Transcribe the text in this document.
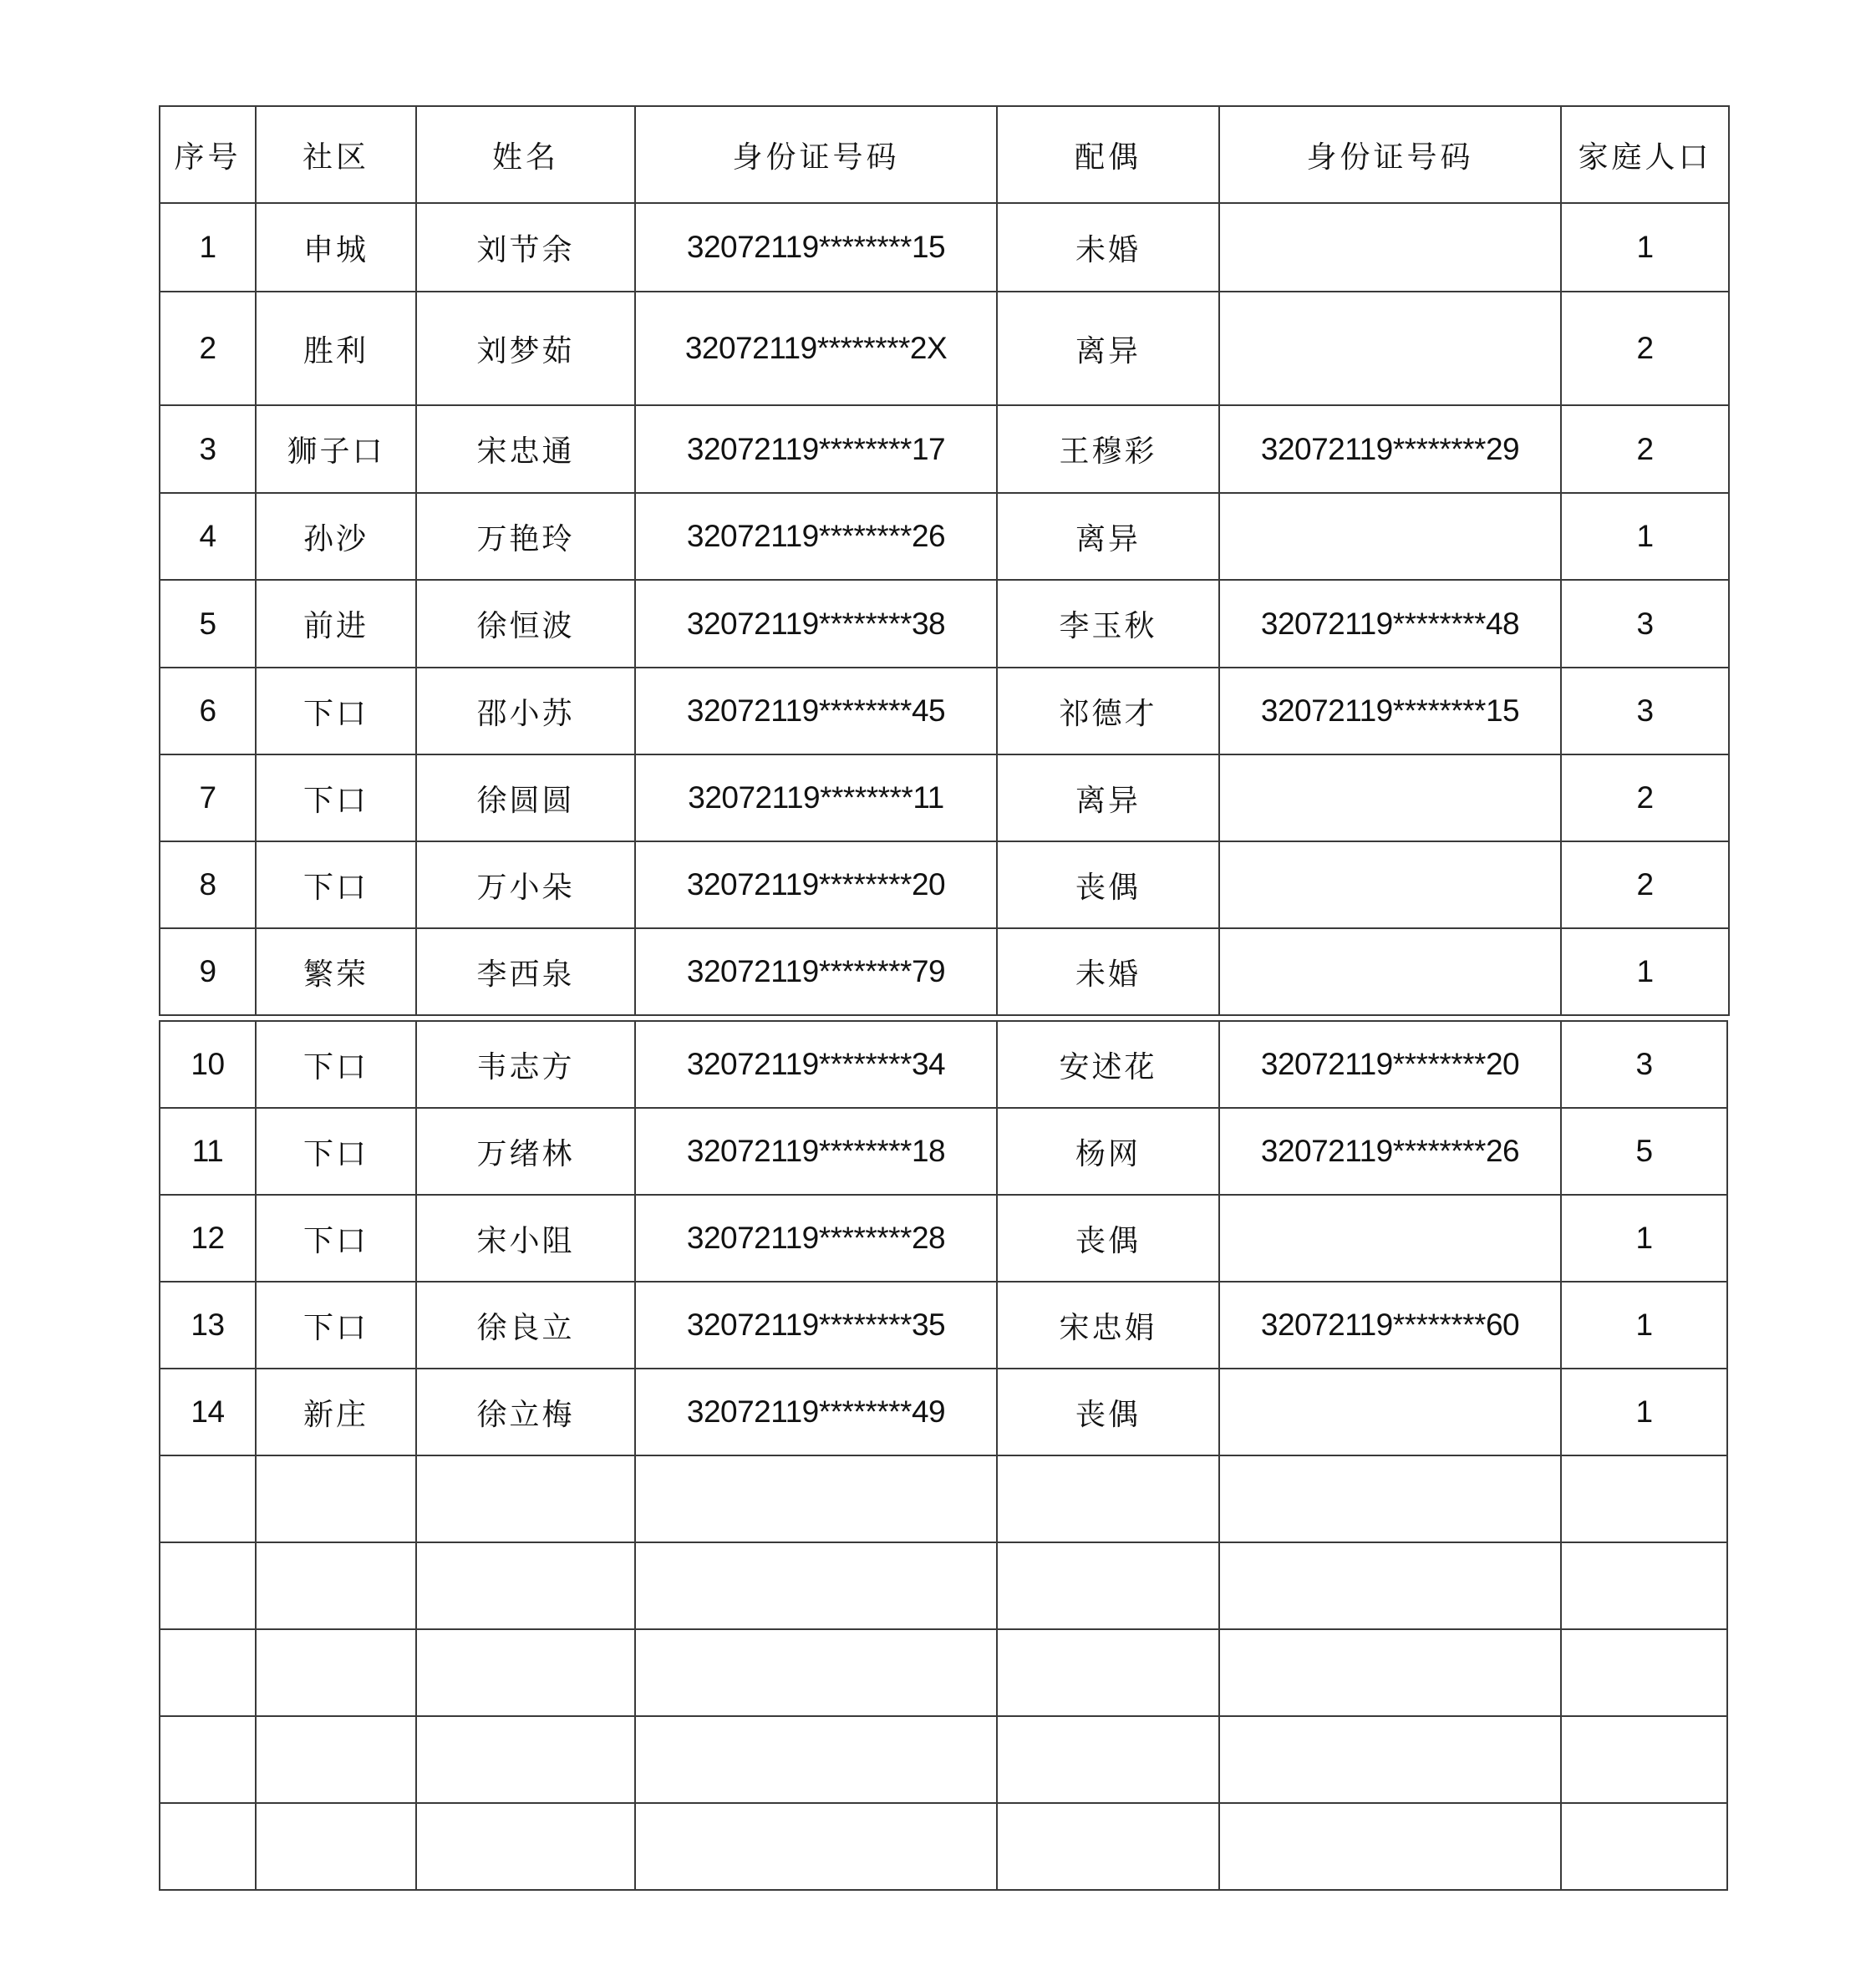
序号	社区	姓名	身份证号码	配偶	身份证号码	家庭人口
1	申城	刘节余	32072119********15	未婚		1
2	胜利	刘梦茹	32072119********2X	离异		2
3	狮子口	宋忠通	32072119********17	王穆彩	32072119********29	2
4	孙沙	万艳玲	32072119********26	离异		1
5	前进	徐恒波	32072119********38	李玉秋	32072119********48	3
6	下口	邵小苏	32072119********45	祁德才	32072119********15	3
7	下口	徐圆圆	32072119********11	离异		2
8	下口	万小朵	32072119********20	丧偶		2
9	繁荣	李西泉	32072119********79	未婚		1
10	下口	韦志方	32072119********34	安述花	32072119********20	3
11	下口	万绪林	32072119********18	杨网	32072119********26	5
12	下口	宋小阻	32072119********28	丧偶		1
13	下口	徐良立	32072119********35	宋忠娟	32072119********60	1
14	新庄	徐立梅	32072119********49	丧偶		1
